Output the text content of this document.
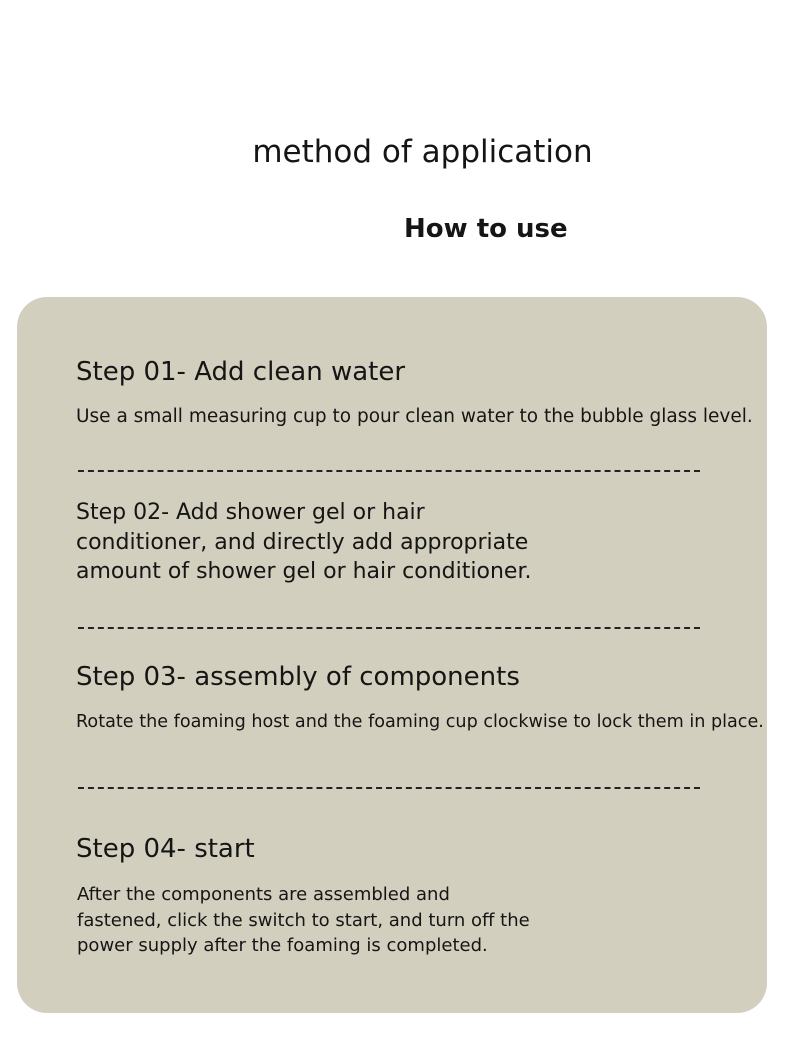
method of application
How to use
Step 01- Add clean water

Use a small measuring cup to pour clean water to the bubble glass level.

Step 02- Add shower gel or hair conditioner, and directly add appropriate amount of shower gel or hair conditioner.
Step 03- assembly of components

Rotate the foaming host and the foaming cup clockwise to lock them in place.

Step 04- start

After the components are assembled and fastened, click the switch to start, and turn off the power supply after the foaming is completed.
